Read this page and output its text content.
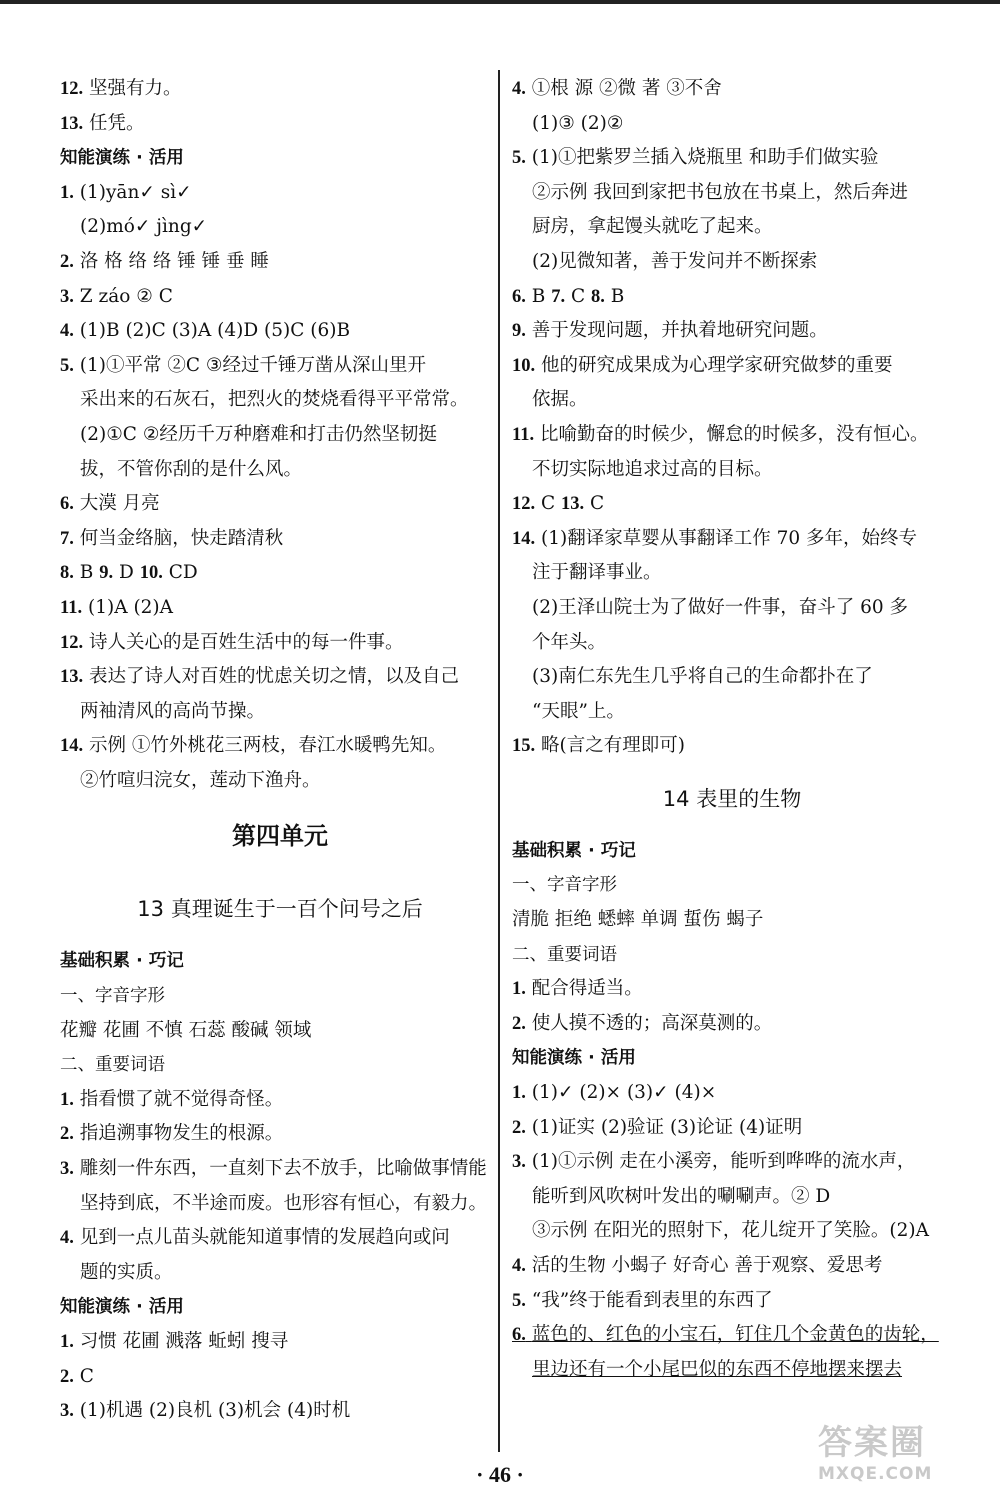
12. 坚强有力。
13. 任凭。
知能演练 · 活用
1. (1)yān✓ sì✓
(2)mó✓ jìng✓
2. 洛 格 络 络 锤 锤 垂 睡
3. Z záo ② C
4. (1)B (2)C (3)A (4)D (5)C (6)B
5. (1)①平常 ②C ③经过千锤万凿从深山里开
采出来的石灰石，把烈火的焚烧看得平平常常。
(2)①C ②经历千万种磨难和打击仍然坚韧挺
拔，不管你刮的是什么风。
6. 大漠 月亮
7. 何当金络脑，快走踏清秋
8. B 9. D 10. CD
11. (1)A (2)A
12. 诗人关心的是百姓生活中的每一件事。
13. 表达了诗人对百姓的忧虑关切之情，以及自己
两袖清风的高尚节操。
14. 示例 ①竹外桃花三两枝，春江水暖鸭先知。
②竹喧归浣女，莲动下渔舟。
第四单元
13 真理诞生于一百个问号之后
基础积累 · 巧记
一、字音字形
花瓣 花圃 不慎 石蕊 酸碱 领域
二、重要词语
1. 指看惯了就不觉得奇怪。
2. 指追溯事物发生的根源。
3. 雕刻一件东西，一直刻下去不放手，比喻做事情能
坚持到底，不半途而废。也形容有恒心，有毅力。
4. 见到一点儿苗头就能知道事情的发展趋向或问
题的实质。
知能演练 · 活用
1. 习惯 花圃 溅落 蚯蚓 搜寻
2. C
3. (1)机遇 (2)良机 (3)机会 (4)时机
4. ①根 源 ②微 著 ③不舍
(1)③ (2)②
5. (1)①把紫罗兰插入烧瓶里 和助手们做实验
②示例 我回到家把书包放在书桌上，然后奔进
厨房，拿起馒头就吃了起来。
(2)见微知著，善于发问并不断探索
6. B 7. C 8. B
9. 善于发现问题，并执着地研究问题。
10. 他的研究成果成为心理学家研究做梦的重要
依据。
11. 比喻勤奋的时候少，懈怠的时候多，没有恒心。
不切实际地追求过高的目标。
12. C 13. C
14. (1)翻译家草婴从事翻译工作 70 多年，始终专
注于翻译事业。
(2)王泽山院士为了做好一件事，奋斗了 60 多
个年头。
(3)南仁东先生几乎将自己的生命都扑在了
“天眼”上。
15. 略(言之有理即可)
14 表里的生物
基础积累 · 巧记
一、字音字形
清脆 拒绝 蟋蟀 单调 蜇伤 蝎子
二、重要词语
1. 配合得适当。
2. 使人摸不透的；高深莫测的。
知能演练 · 活用
1. (1)✓ (2)× (3)✓ (4)×
2. (1)证实 (2)验证 (3)论证 (4)证明
3. (1)①示例 走在小溪旁，能听到哗哗的流水声，
能听到风吹树叶发出的唰唰声。② D
③示例 在阳光的照射下，花儿绽开了笑脸。(2)A
4. 活的生物 小蝎子 好奇心 善于观察、爱思考
5. “我”终于能看到表里的东西了
6. 蓝色的、红色的小宝石，钉住几个金黄色的齿轮，
里边还有一个小尾巴似的东西不停地摆来摆去
· 46 ·
答案圈
MXQE.COM
